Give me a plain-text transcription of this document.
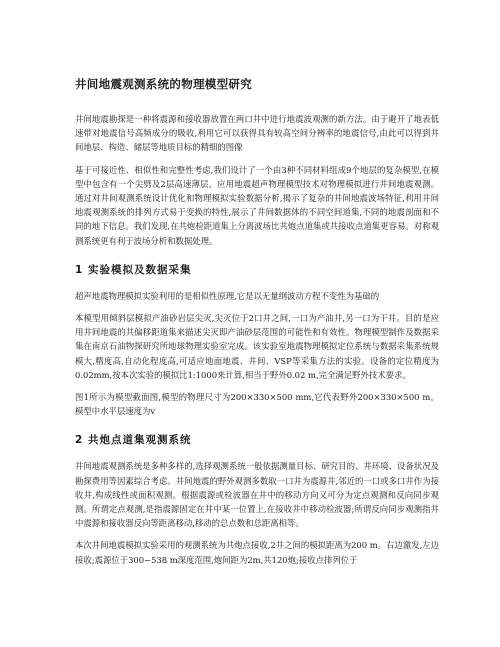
井间地震观测系统的物理模型研究

井间地震勘探是一种将震源和接收器放置在两口井中进行地震波观测的新方法。由于避开了地表低速带对地震信号高频成分的吸收,利用它可以获得具有较高空间分辨率的地震信号,由此可以得到井间地层、构造、储层等地质目标的精细的图像

基于可接近性、相似性和完整性考虑,我们设计了一个由3种不同材料组成9个地层的复杂模型,在模型中包含有一个尖劈及2层高速薄层。应用地震超声物理模型技术对物理模拟进行井间地震观测。通过对井间观测系统设计优化和物理模拟实验数据分析,揭示了复杂的井间地震波场特征,利用井间地震观测系统的排列方式易于变换的特性,展示了井间数据体的不同空间道集,不同的地震剖面和不同的地下信息。我们发现,在共炮检距道集上分离波场比共炮点道集或共接收点道集更容易。对称观测系统更有利于波场分析和数据处理。

1 实验模拟及数据采集

超声地震物理模拟实验利用的是相似性原理,它是以无量纲波动方程不变性为基础的

本模型用倾斜层模拟产油砂岩层尖灭,尖灭位于2口井之间,一口为产油井,另一口为干井。目的是应用井间地震的共偏移距道集来描述尖灭即产油砂层范围的可能性和有效性。物理模型制作及数据采集在南京石油物探研究所地球物理实验室完成。该实验室地震物理模拟定位系统与数据采集系统规模大,精度高,自动化程度高,可适应地面地震、井间、VSP等采集方法的实验。设备的定位精度为0.02mm,按本次实验的模拟比1:1000来计算,相当于野外0.02 m,完全满足野外技术要求。

图1所示为模型截面图,模型的物理尺寸为200×330×500 mm,它代表野外200×330×500 m。模型中水平层速度为v

2 共炮点道集观测系统

井间地震观测系统是多种多样的,选择观测系统一般依据测量目标、研究目的、井环境、设备状况及勘探费用等因素综合考虑。井间地震的野外观测多数取一口井为震源井,邻近的一口或多口井作为接收井,构成线性或面积观测。根据震源或检波器在井中的移动方向又可分为定点观测和反向同步观测。所谓定点观测,是指震源固定在井中某一位置上,在接收井中移动检波器;所谓反向同步观测指井中震源和接收器反向等距离移动,移动的总点数和总距离相等。

本次井间地震模拟实验采用的观测系统为共炮点接收,2井之间的模拟距离为200 m。右边激发,左边接收;震源位于300~538 m深度范围,炮间距为2m,共120炮;接收点排列位于
